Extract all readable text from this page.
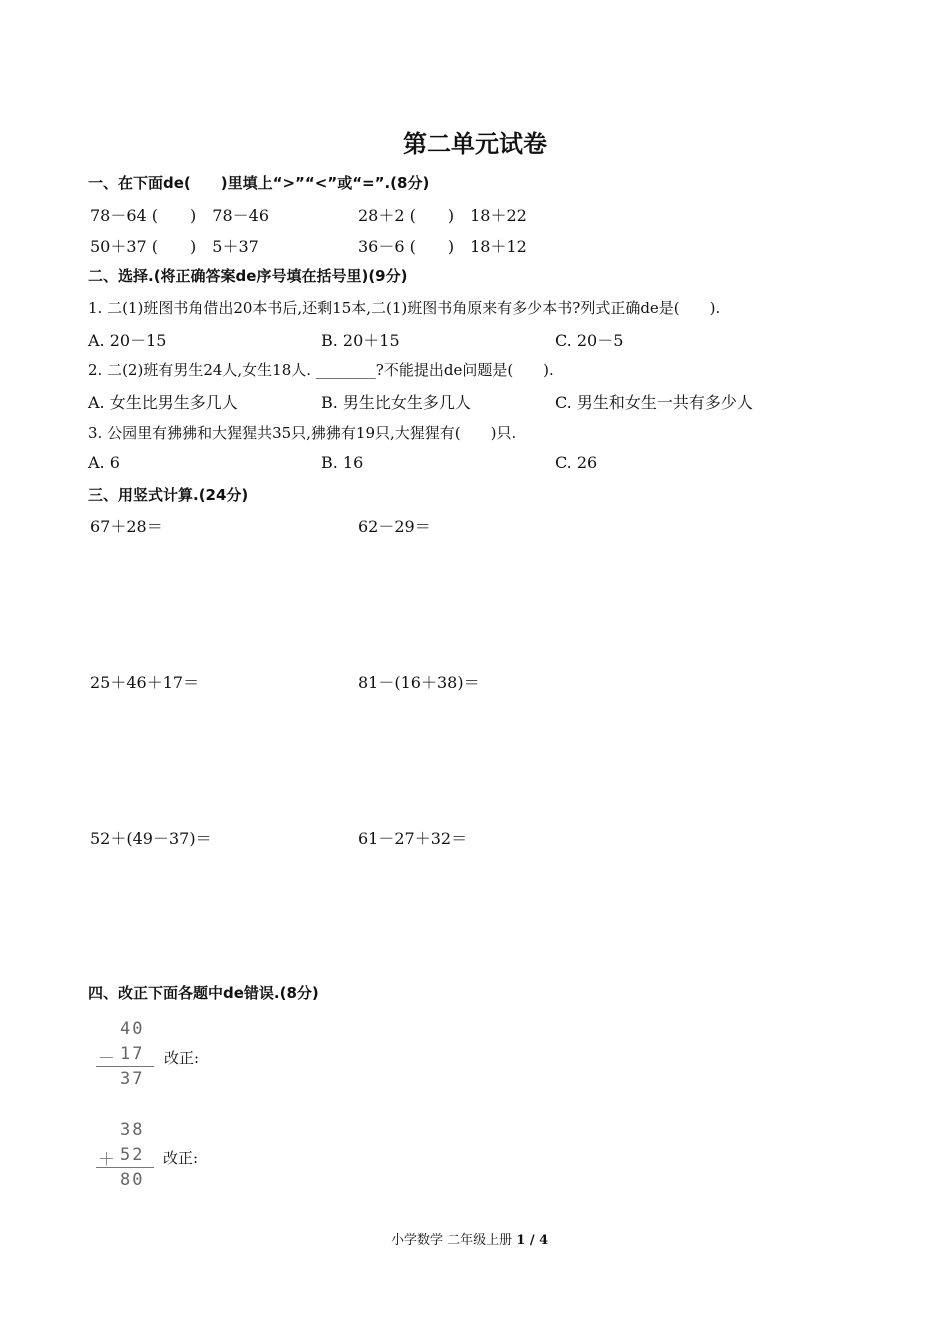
第二单元试卷
一、在下面de(　　)里填上“>”“<”或“=”.(8分)
78－64 (　　)　78－46	28＋2 (　　)　18＋22
50＋37 (　　)　5＋37	36－6 (　　)　18＋12
二、选择.(将正确答案de序号填在括号里)(9分)
1. 二(1)班图书角借出20本书后,还剩15本,二(1)班图书角原来有多少本书?列式正确de是(　　).
A. 20－15	B. 20＋15	C. 20－5
2. 二(2)班有男生24人,女生18人. ________?不能提出de问题是(　　).
A. 女生比男生多几人	B. 男生比女生多几人	C. 男生和女生一共有多少人
3. 公园里有狒狒和大猩猩共35只,狒狒有19只,大猩猩有(　　)只.
A. 6	B. 16	C. 26
三、用竖式计算.(24分)
67＋28＝	62－29＝
25＋46＋17＝	81－(16＋38)＝
52＋(49－37)＝	61－27＋32＝
四、改正下面各题中de错误.(8分)
40
－ 17
37
改正:
38
＋ 52
80
改正:
小学数学 二年级上册 1 / 4
